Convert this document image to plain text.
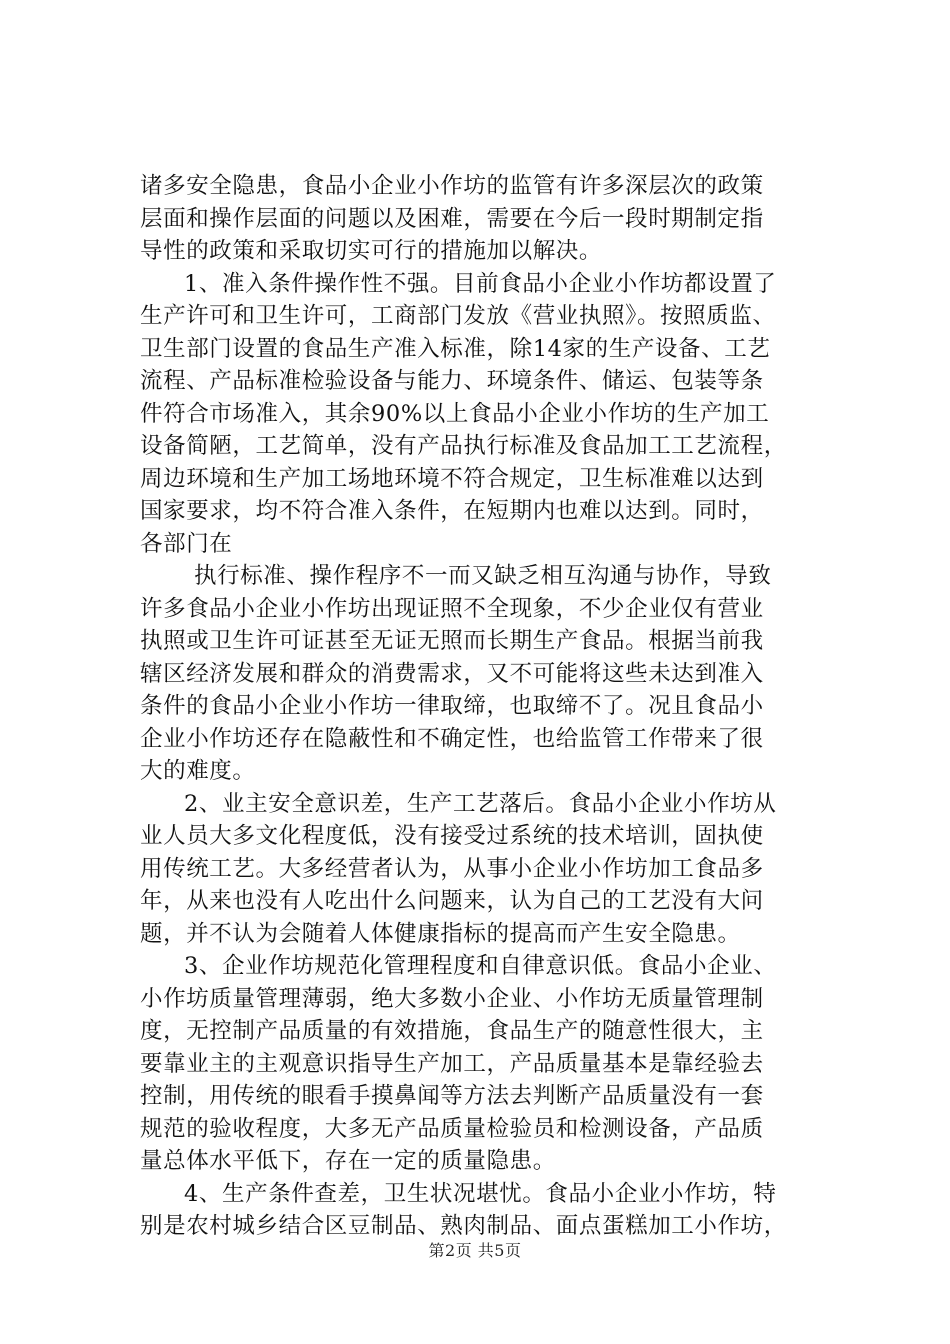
诸多安全隐患，食品小企业小作坊的监管有许多深层次的政策
层面和操作层面的问题以及困难，需要在今后一段时期制定指
导性的政策和采取切实可行的措施加以解决。
1、准入条件操作性不强。目前食品小企业小作坊都设置了
生产许可和卫生许可，工商部门发放《营业执照》。按照质监、
卫生部门设置的食品生产准入标准，除14家的生产设备、工艺
流程、产品标准检验设备与能力、环境条件、储运、包装等条
件符合市场准入，其余90%以上食品小企业小作坊的生产加工
设备简陋，工艺简单，没有产品执行标准及食品加工工艺流程，
周边环境和生产加工场地环境不符合规定，卫生标准难以达到
国家要求，均不符合准入条件，在短期内也难以达到。同时，
各部门在
执行标准、操作程序不一而又缺乏相互沟通与协作，导致
许多食品小企业小作坊出现证照不全现象，不少企业仅有营业
执照或卫生许可证甚至无证无照而长期生产食品。根据当前我
辖区经济发展和群众的消费需求，又不可能将这些未达到准入
条件的食品小企业小作坊一律取缔，也取缔不了。况且食品小
企业小作坊还存在隐蔽性和不确定性，也给监管工作带来了很
大的难度。
2、业主安全意识差，生产工艺落后。食品小企业小作坊从
业人员大多文化程度低，没有接受过系统的技术培训，固执使
用传统工艺。大多经营者认为，从事小企业小作坊加工食品多
年，从来也没有人吃出什么问题来，认为自己的工艺没有大问
题，并不认为会随着人体健康指标的提高而产生安全隐患。
3、企业作坊规范化管理程度和自律意识低。食品小企业、
小作坊质量管理薄弱，绝大多数小企业、小作坊无质量管理制
度，无控制产品质量的有效措施，食品生产的随意性很大，主
要靠业主的主观意识指导生产加工，产品质量基本是靠经验去
控制，用传统的眼看手摸鼻闻等方法去判断产品质量没有一套
规范的验收程度，大多无产品质量检验员和检测设备，产品质
量总体水平低下，存在一定的质量隐患。
4、生产条件查差，卫生状况堪忧。食品小企业小作坊，特
别是农村城乡结合区豆制品、熟肉制品、面点蛋糕加工小作坊，
第2页 共5页
